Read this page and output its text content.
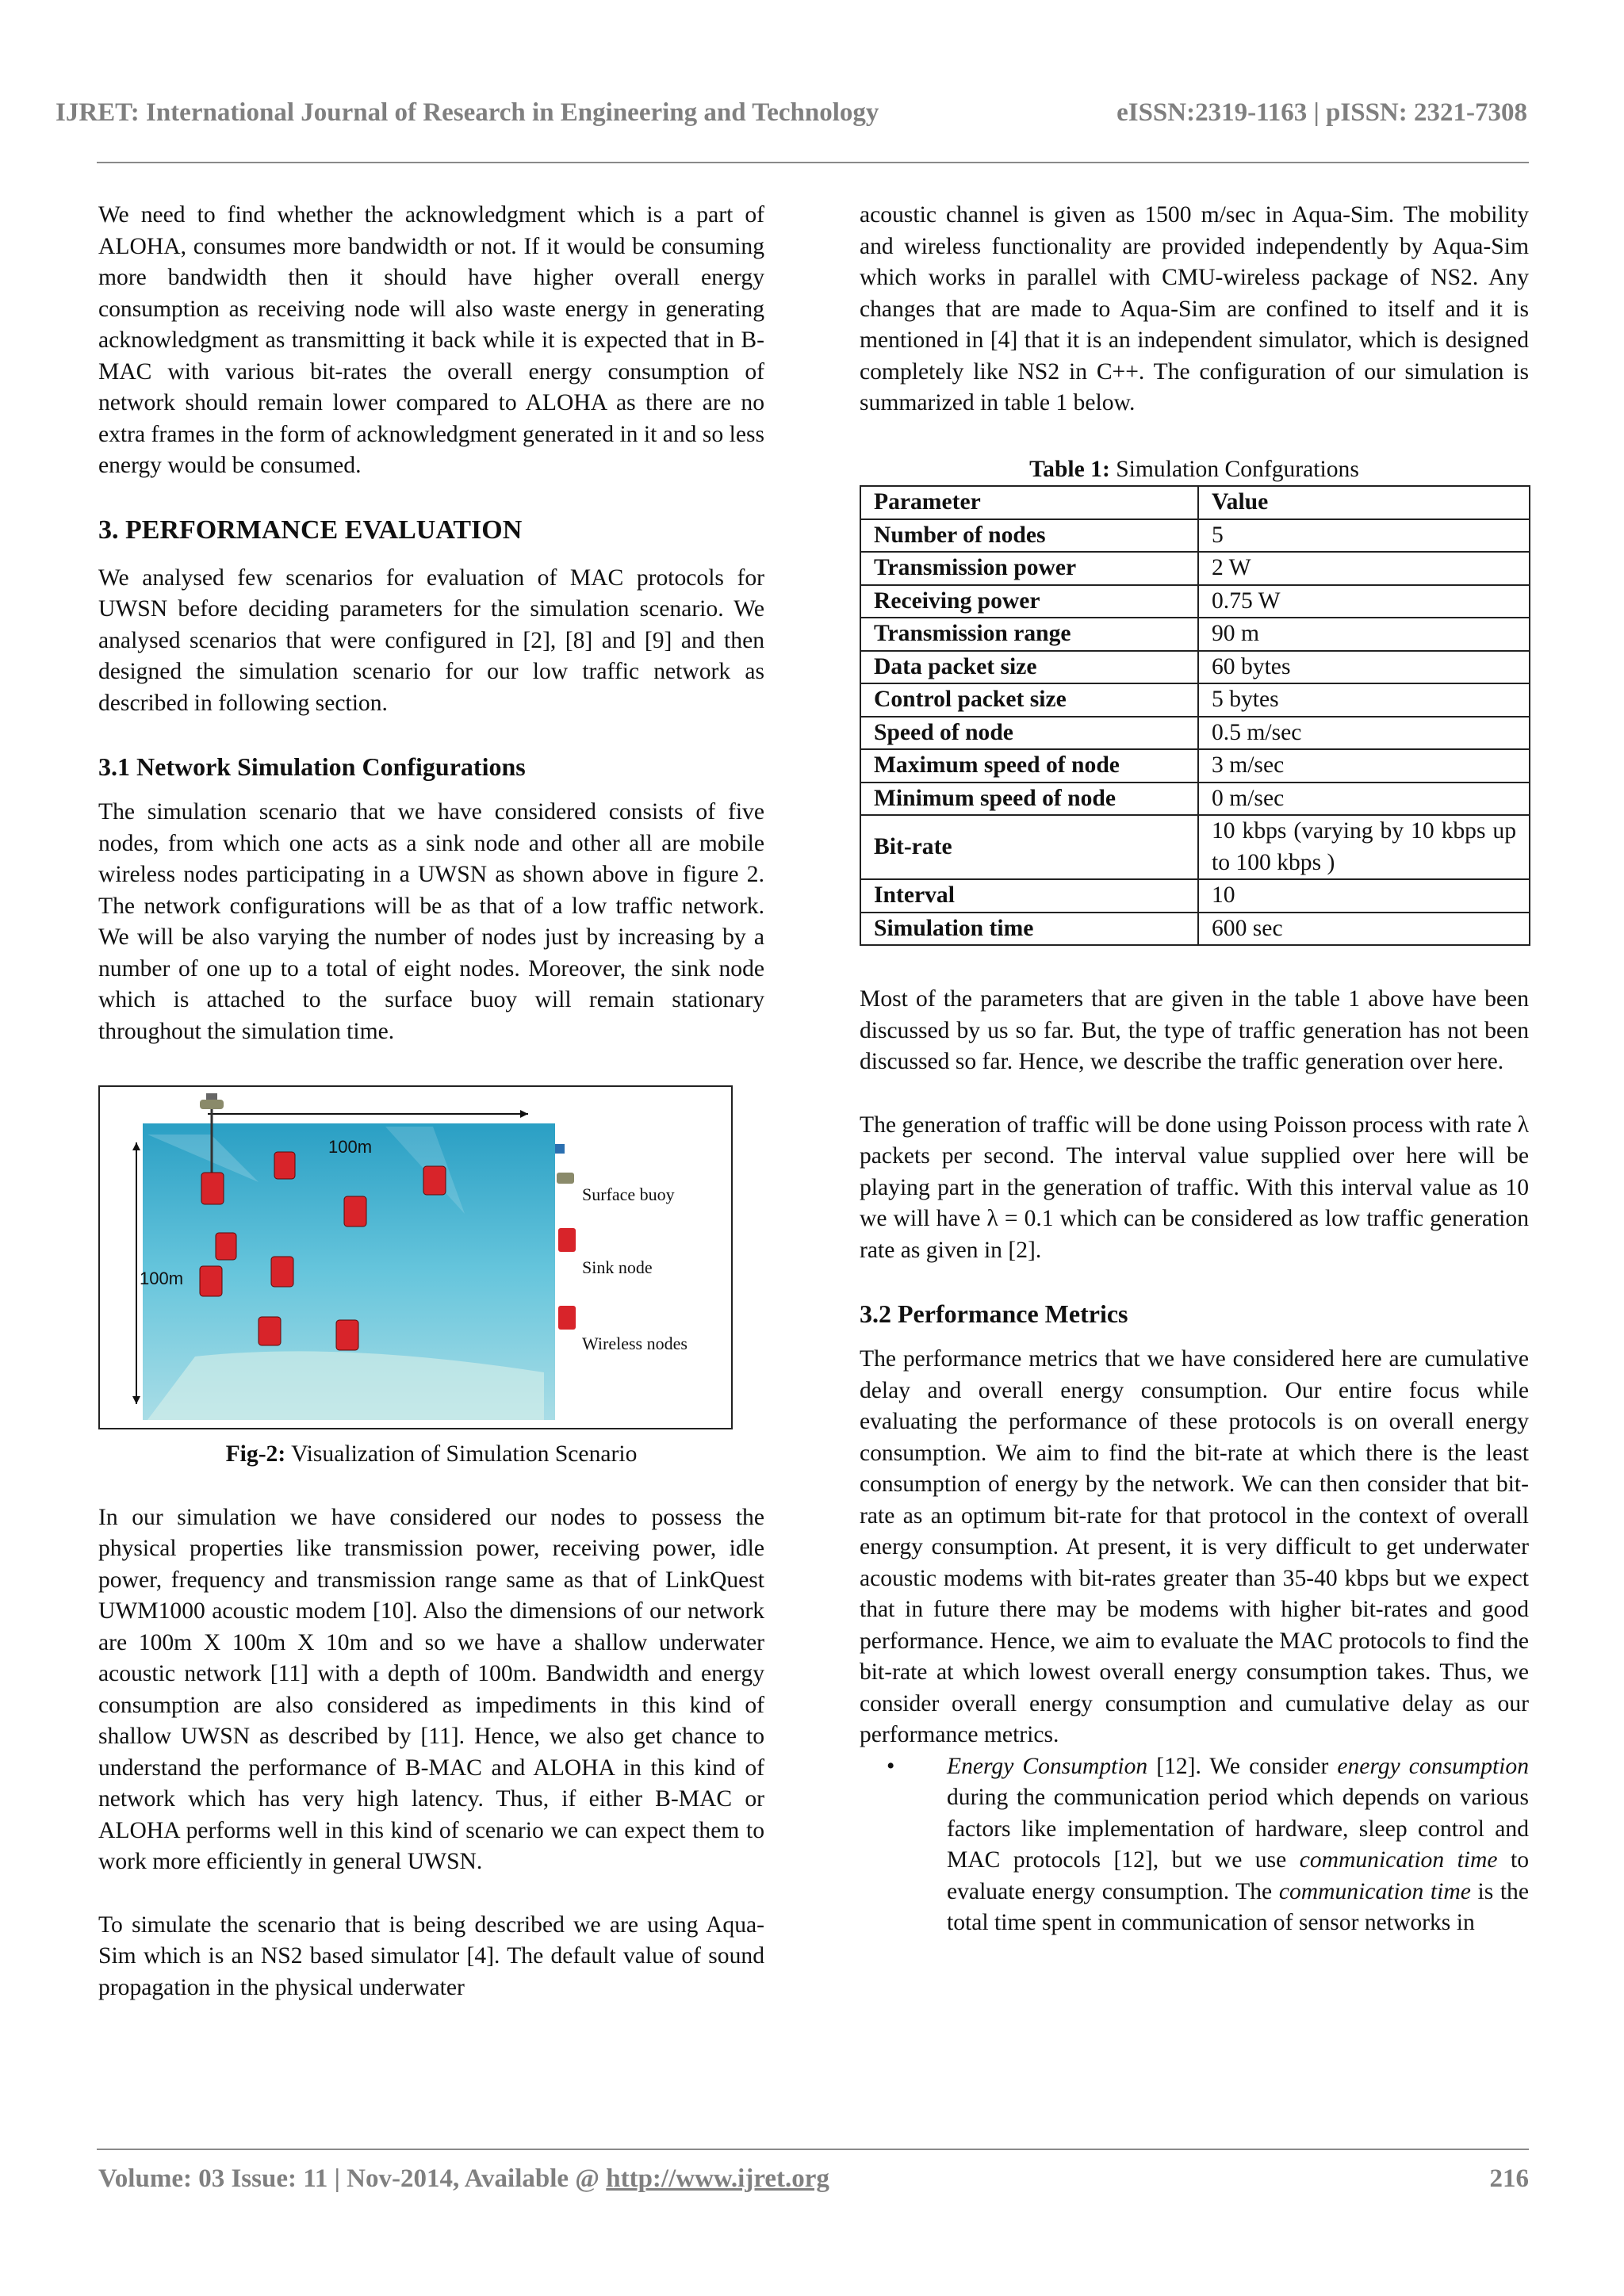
IJRET: International Journal of Research in Engineering and Technology	eISSN:2319-1163 | pISSN: 2321-7308

We need to find whether the acknowledgment which is a part of ALOHA, consumes more bandwidth or not. If it would be consuming more bandwidth then it should have higher overall energy consumption as receiving node will also waste energy in generating acknowledgment as transmitting it back while it is expected that in B-MAC with various bit-rates the overall energy consumption of network should remain lower compared to ALOHA as there are no extra frames in the form of acknowledgment generated in it and so less energy would be consumed.

3. PERFORMANCE EVALUATION

We analysed few scenarios for evaluation of MAC protocols for UWSN before deciding parameters for the simulation scenario. We analysed scenarios that were configured in [2], [8] and [9] and then designed the simulation scenario for our low traffic network as described in following section.

3.1 Network Simulation Configurations

The simulation scenario that we have considered consists of five nodes, from which one acts as a sink node and other all are mobile wireless nodes participating in a UWSN as shown above in figure 2. The network configurations will be as that of a low traffic network. We will be also varying the number of nodes just by increasing by a number of one up to a total of eight nodes. Moreover, the sink node which is attached to the surface buoy will remain stationary throughout the simulation time.

100m
100m
Surface buoy
Sink node
Wireless nodes

Fig-2: Visualization of Simulation Scenario

In our simulation we have considered our nodes to possess the physical properties like transmission power, receiving power, idle power, frequency and transmission range same as that of LinkQuest UWM1000 acoustic modem [10]. Also the dimensions of our network are 100m X 100m X 10m and so we have a shallow underwater acoustic network [11] with a depth of 100m. Bandwidth and energy consumption are also considered as impediments in this kind of shallow UWSN as described by [11]. Hence, we also get chance to understand the performance of B-MAC and ALOHA in this kind of network which has very high latency. Thus, if either B-MAC or ALOHA performs well in this kind of scenario we can expect them to work more efficiently in general UWSN.

To simulate the scenario that is being described we are using Aqua-Sim which is an NS2 based simulator [4]. The default value of sound propagation in the physical underwater

acoustic channel is given as 1500 m/sec in Aqua-Sim. The mobility and wireless functionality are provided independently by Aqua-Sim which works in parallel with CMU-wireless package of NS2. Any changes that are made to Aqua-Sim are confined to itself and it is mentioned in [4] that it is an independent simulator, which is designed completely like NS2 in C++. The configuration of our simulation is summarized in table 1 below.

Table 1: Simulation Confgurations

Parameter	Value
Number of nodes	5
Transmission power	2 W
Receiving power	0.75 W
Transmission range	90 m
Data packet size	60 bytes
Control packet size	5 bytes
Speed of node	0.5 m/sec
Maximum speed of node	3 m/sec
Minimum speed of node	0 m/sec
Bit-rate	10 kbps (varying by 10 kbps up to 100 kbps )
Interval	10
Simulation time	600 sec

Most of the parameters that are given in the table 1 above have been discussed by us so far. But, the type of traffic generation has not been discussed so far. Hence, we describe the traffic generation over here.

The generation of traffic will be done using Poisson process with rate λ packets per second. The interval value supplied over here will be playing part in the generation of traffic. With this interval value as 10 we will have λ = 0.1 which can be considered as low traffic generation rate as given in [2].

3.2 Performance Metrics

The performance metrics that we have considered here are cumulative delay and overall energy consumption. Our entire focus while evaluating the performance of these protocols is on overall energy consumption. We aim to find the bit-rate at which there is the least consumption of energy by the network. We can then consider that bit-rate as an optimum bit-rate for that protocol in the context of overall energy consumption. At present, it is very difficult to get underwater acoustic modems with bit-rates greater than 35-40 kbps but we expect that in future there may be modems with higher bit-rates and good performance. Hence, we aim to evaluate the MAC protocols to find the bit-rate at which lowest overall energy consumption takes. Thus, we consider overall energy consumption and cumulative delay as our performance metrics.

• Energy Consumption [12]. We consider energy consumption during the communication period which depends on various factors like implementation of hardware, sleep control and MAC protocols [12], but we use communication time to evaluate energy consumption. The communication time is the total time spent in communication of sensor networks in
Volume: 03 Issue: 11 | Nov-2014, Available @ http://www.ijret.org	216
